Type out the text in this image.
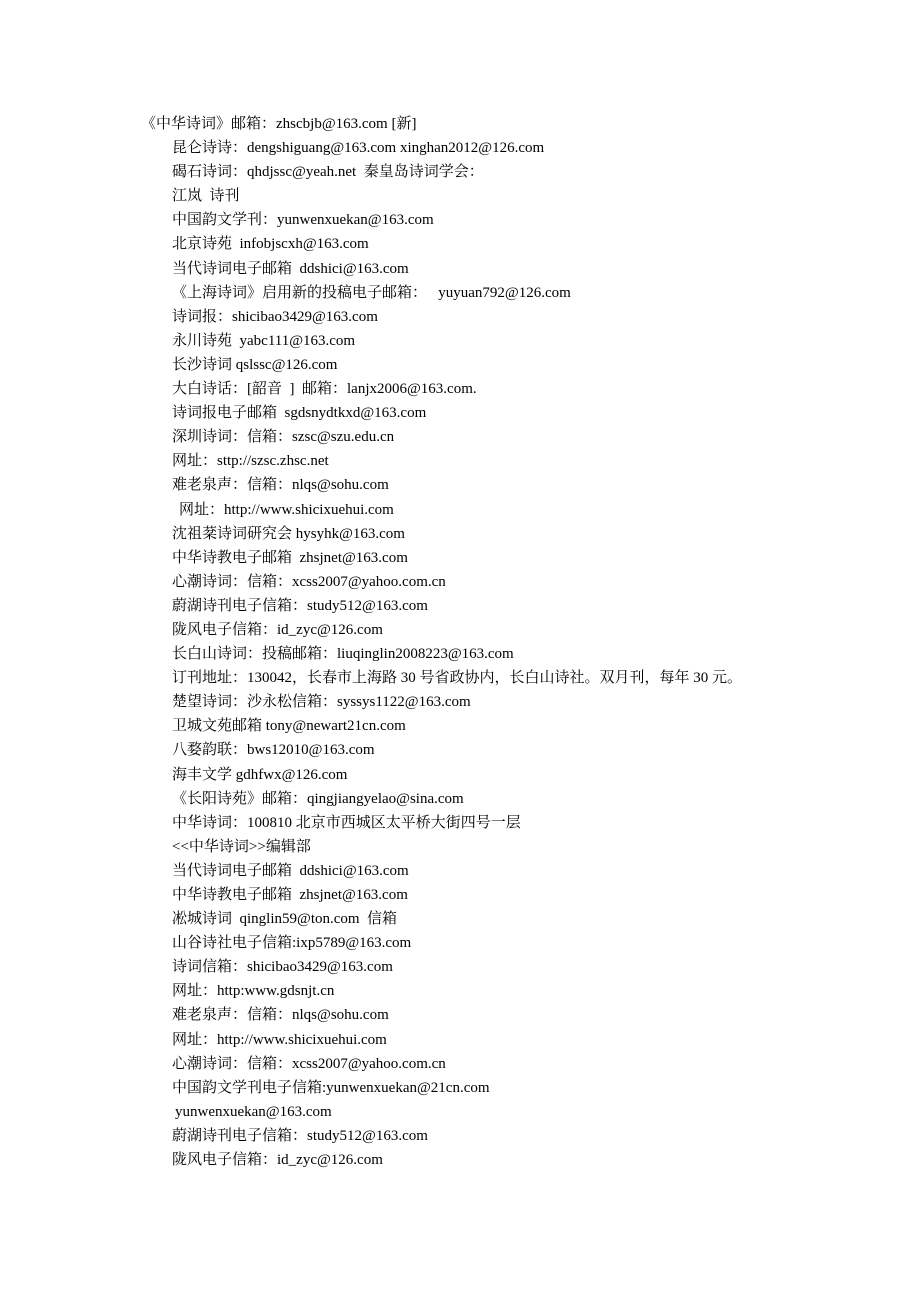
《中华诗词》邮箱：zhscbjb@163.com [新]
昆仑诗诗：dengshiguang@163.com xinghan2012@126.com
碣石诗词：qhdjssc@yeah.net  秦皇岛诗词学会：
江岚  诗刊
中国韵文学刊：yunwenxuekan@163.com
北京诗苑  infobjscxh@163.com
当代诗词电子邮箱  ddshici@163.com
《上海诗词》启用新的投稿电子邮箱：   yuyuan792@126.com
诗词报：shicibao3429@163.com
永川诗苑  yabc111@163.com
长沙诗词 qslssc@126.com
大白诗话：[韶音  ]  邮箱：lanjx2006@163.com.
诗词报电子邮箱  sgdsnydtkxd@163.com
深圳诗词：信箱：szsc@szu.edu.cn
网址：sttp://szsc.zhsc.net
难老泉声：信箱：nlqs@sohu.com
网址：http://www.shicixuehui.com
沈祖棻诗词研究会 hysyhk@163.com
中华诗教电子邮箱  zhsjnet@163.com
心潮诗词：信箱：xcss2007@yahoo.com.cn
蔚湖诗刊电子信箱：study512@163.com
陇风电子信箱：id_zyc@126.com
长白山诗词：投稿邮箱：liuqinglin2008223@163.com
订刊地址：130042，长春市上海路 30 号省政协内，长白山诗社。双月刊，每年 30 元。
楚望诗词：沙永松信箱：syssys1122@163.com
卫城文苑邮箱 tony@newart21cn.com
八婺韵联：bws12010@163.com
海丰文学 gdhfwx@126.com
《长阳诗苑》邮箱：qingjiangyelao@sina.com
中华诗词：100810 北京市西城区太平桥大街四号一层
<<中华诗词>>编辑部
当代诗词电子邮箱  ddshici@163.com
中华诗教电子邮箱  zhsjnet@163.com
凇城诗词  qinglin59@ton.com  信箱
山谷诗社电子信箱:ixp5789@163.com
诗词信箱：shicibao3429@163.com
网址：http:www.gdsnjt.cn
难老泉声：信箱：nlqs@sohu.com
网址：http://www.shicixuehui.com
心潮诗词：信箱：xcss2007@yahoo.com.cn
中国韵文学刊电子信箱:yunwenxuekan@21cn.com
yunwenxuekan@163.com
蔚湖诗刊电子信箱：study512@163.com
陇风电子信箱：id_zyc@126.com
